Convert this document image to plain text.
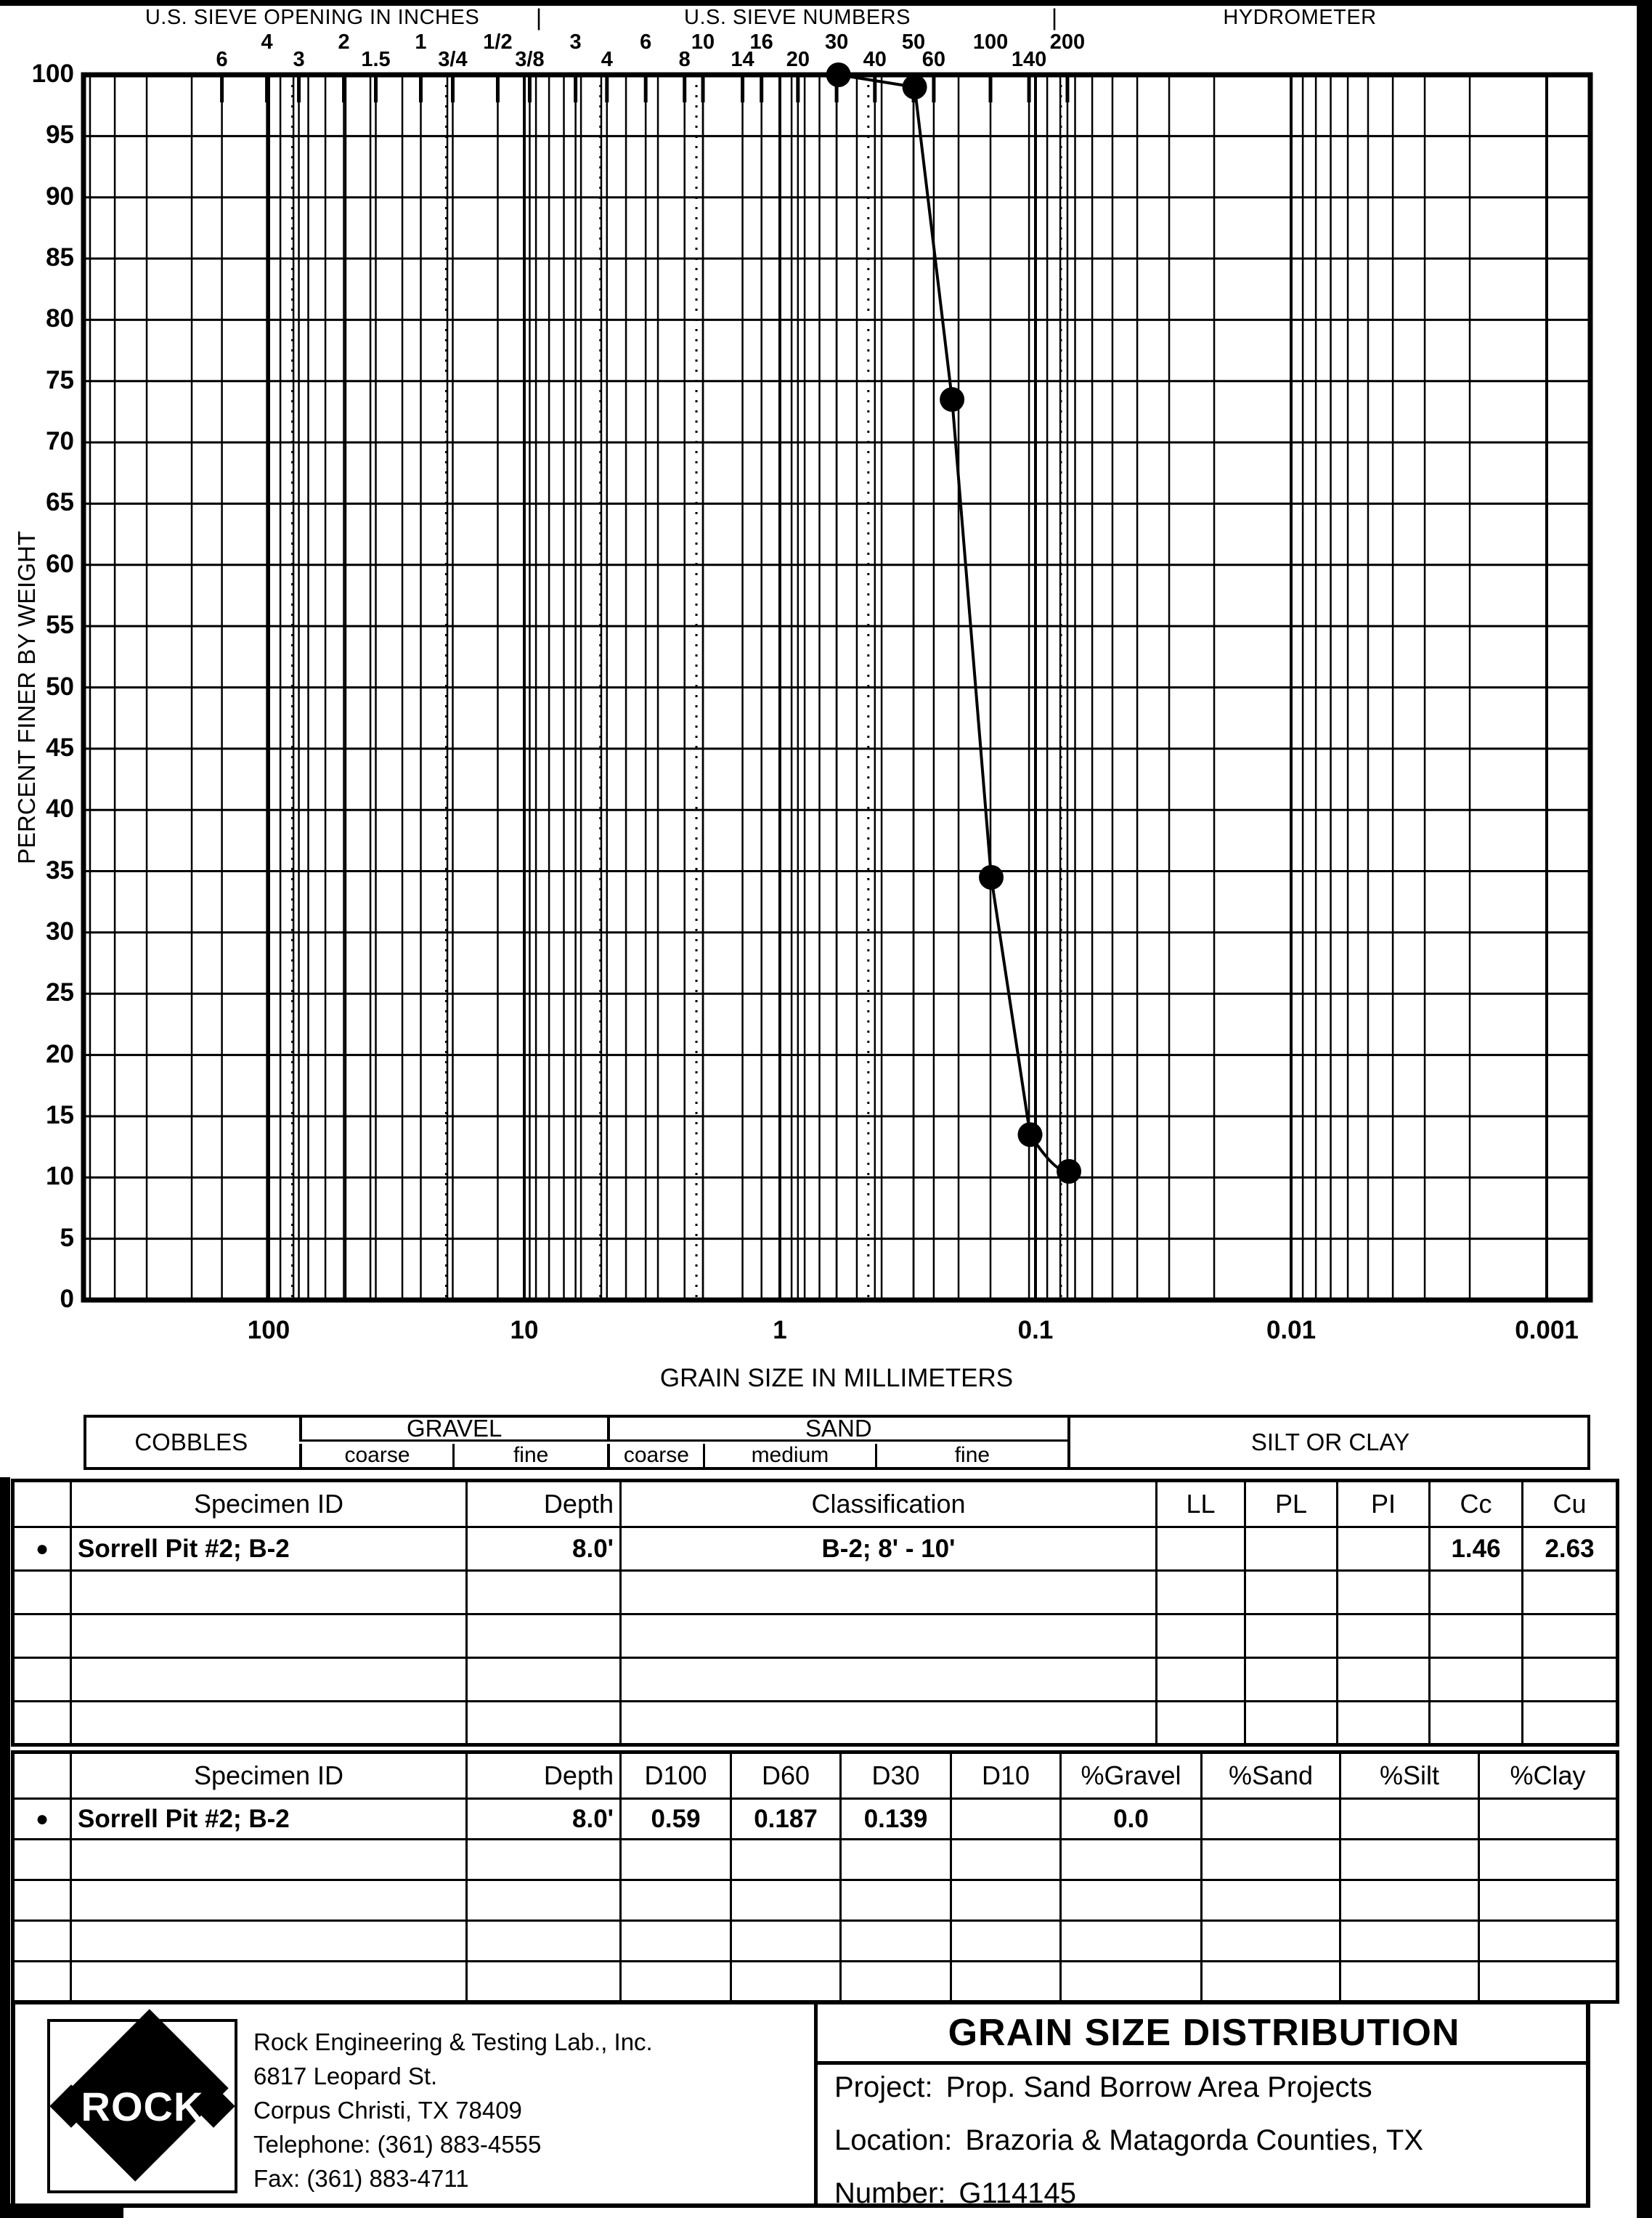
U.S. SIEVE OPENING IN INCHES |	U.S. SIEVE NUMBERS	|	HYDROMETER
6
4
3
2
1.5
1
3/4
1/2
3/8
3
4
6
8
10
14
16
20
30
40
50
60
100
140
200
100
95
90
85
80
75
70
65
60
55
50
45
40
35
30
25
20
15
10
5
0
100	10	1	0.1	0.01	0.001
PERCENT FINER BY WEIGHT
GRAIN SIZE IN MILLIMETERS
COBBLES
GRAVEL
coarse	fine
SAND
coarse	medium	fine	SILT OR CLAY
	Specimen ID	Depth	Classification	LL	PL	PI	Cc	Cu
●	Sorrell Pit #2; B-2	8.0'	B-2; 8' - 10'				1.46	2.63

	Specimen ID	Depth	D100	D60	D30	D10	%Gravel	%Sand	%Silt	%Clay
●	Sorrell Pit #2; B-2	8.0'	0.59	0.187	0.139		0.0			

ROCK
Rock Engineering & Testing Lab., Inc.
6817 Leopard St.
Corpus Christi, TX 78409
Telephone: (361) 883-4555
Fax: (361) 883-4711
GRAIN SIZE DISTRIBUTION
Project: Prop. Sand Borrow Area Projects
Location: Brazoria & Matagorda Counties, TX
Number: G114145
